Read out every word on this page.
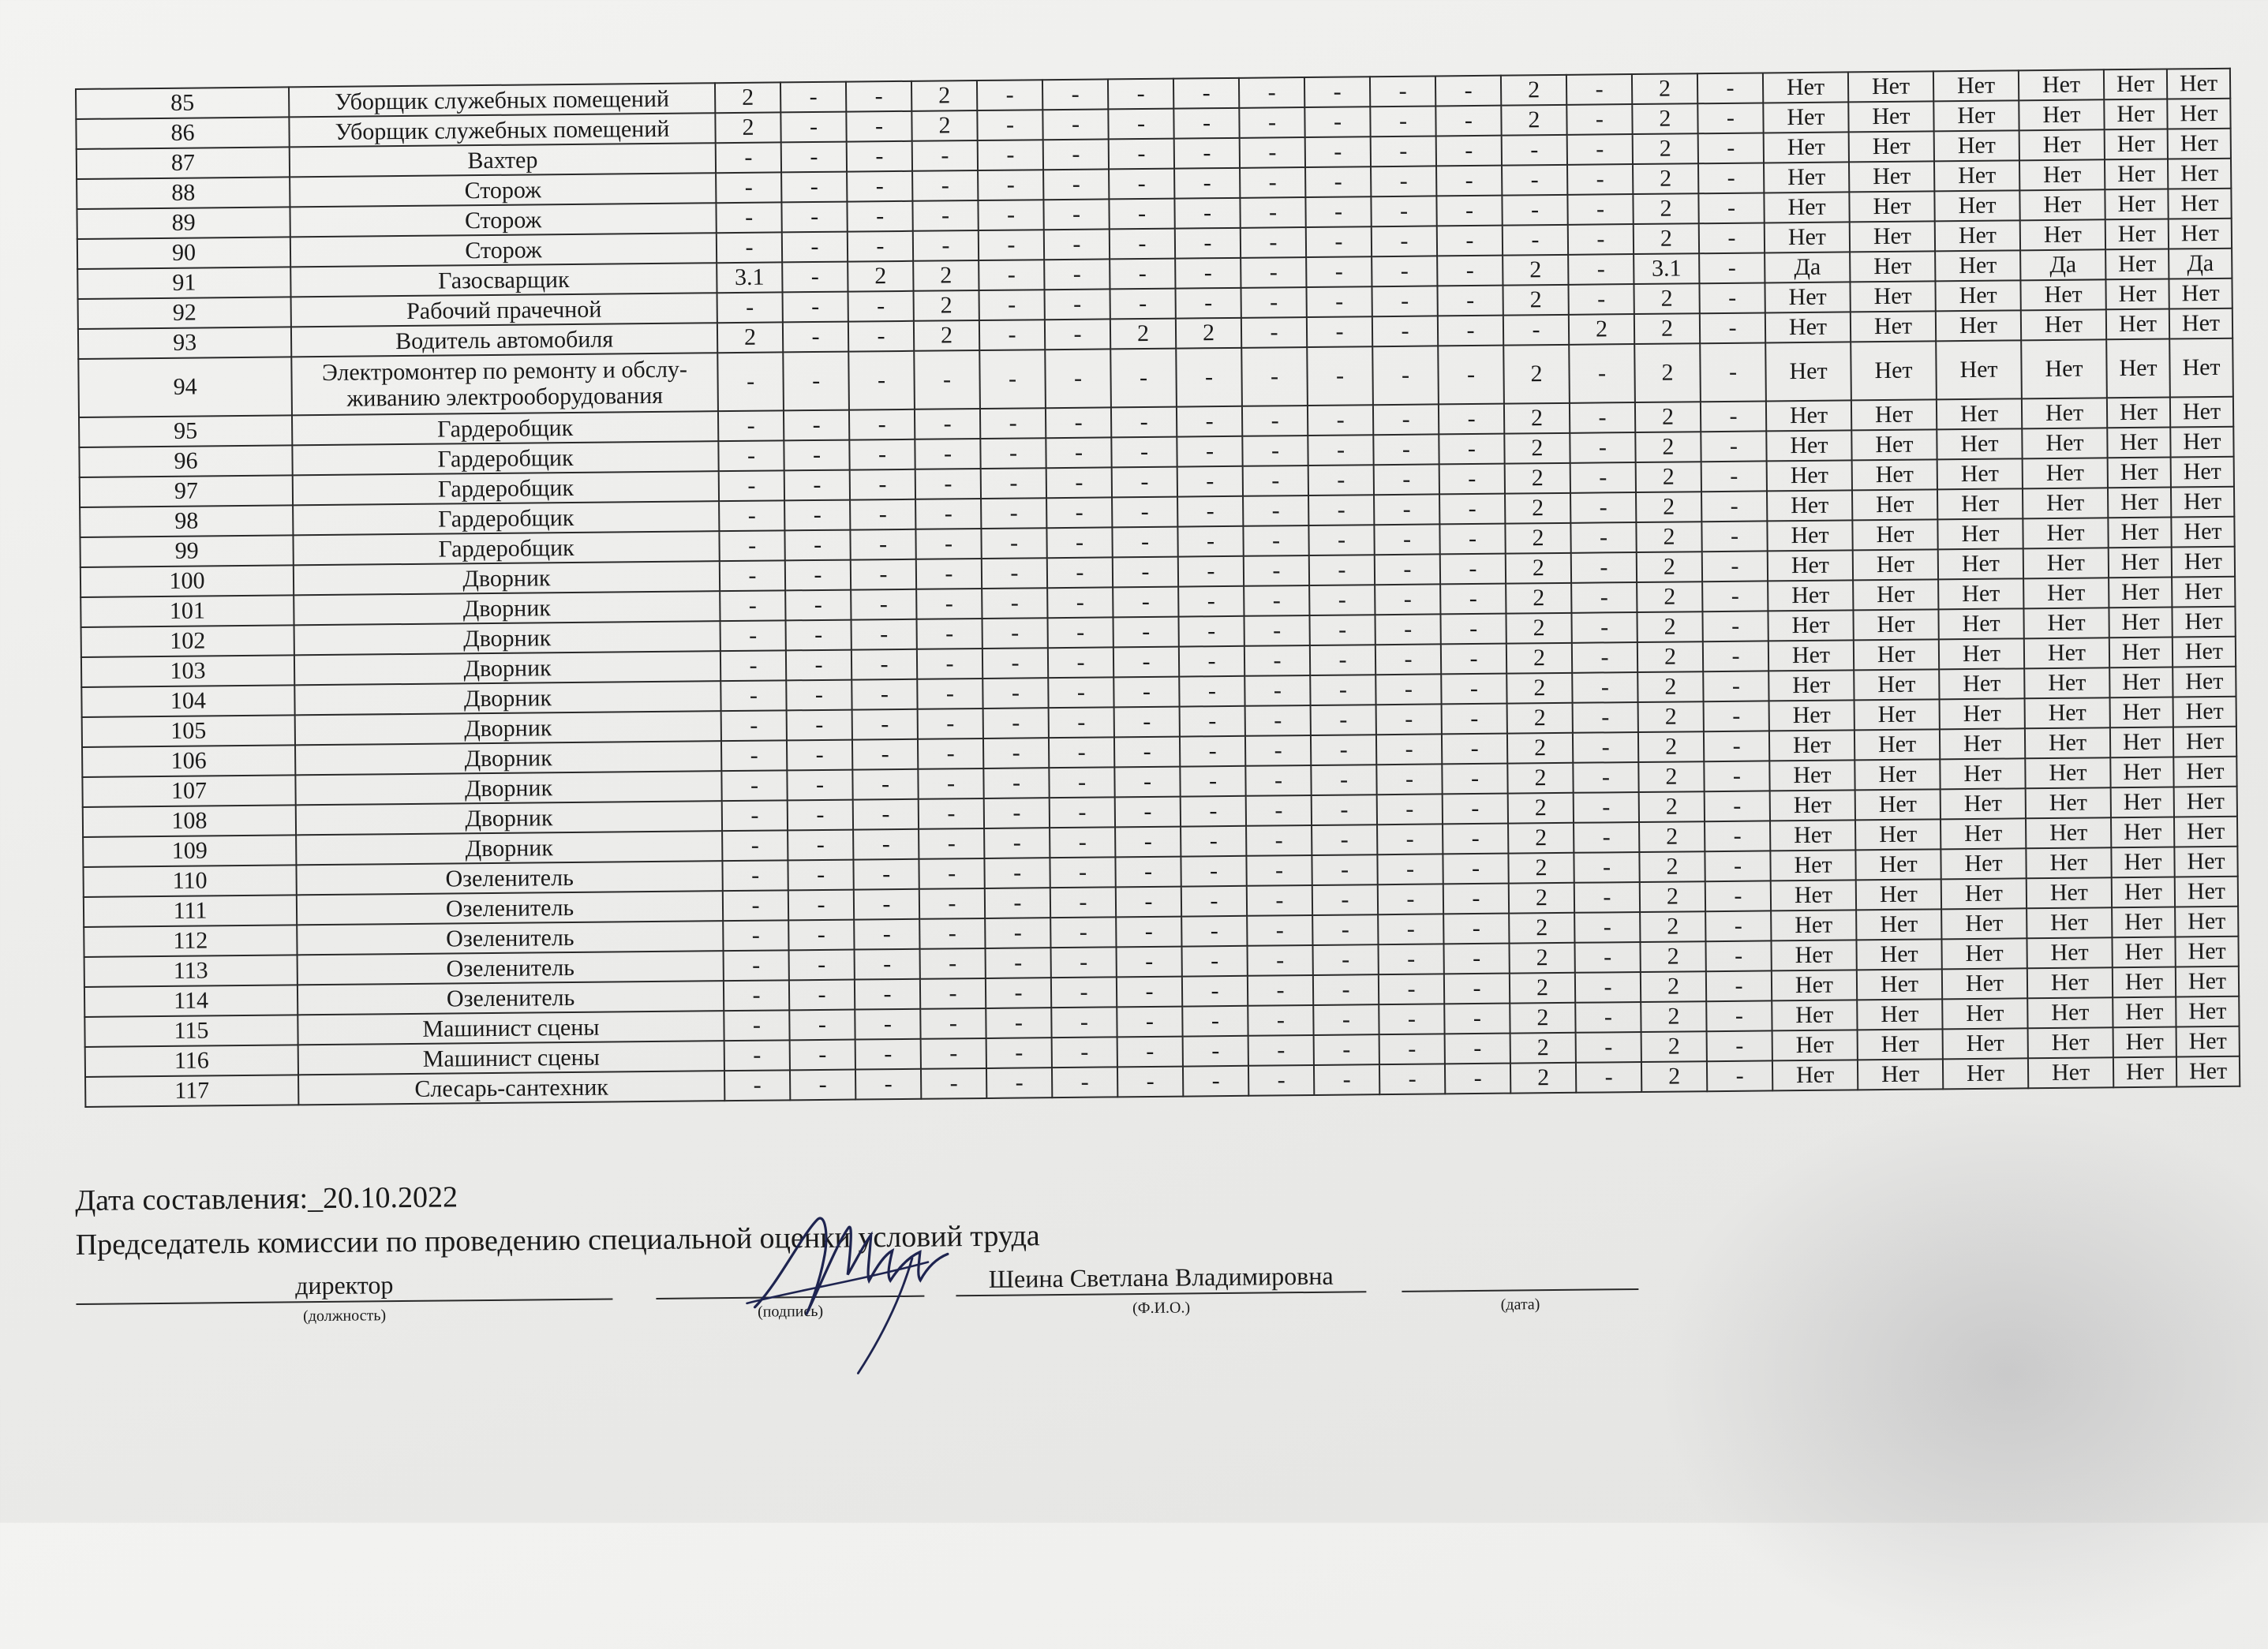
85	Уборщик служебных помещений	2	-	-	2	-	-	-	-	-	-	-	-	2	-	2	-	Нет	Нет	Нет	Нет	Нет	Нет
86	Уборщик служебных помещений	2	-	-	2	-	-	-	-	-	-	-	-	2	-	2	-	Нет	Нет	Нет	Нет	Нет	Нет
87	Вахтер	-	-	-	-	-	-	-	-	-	-	-	-	-	-	2	-	Нет	Нет	Нет	Нет	Нет	Нет
88	Сторож	-	-	-	-	-	-	-	-	-	-	-	-	-	-	2	-	Нет	Нет	Нет	Нет	Нет	Нет
89	Сторож	-	-	-	-	-	-	-	-	-	-	-	-	-	-	2	-	Нет	Нет	Нет	Нет	Нет	Нет
90	Сторож	-	-	-	-	-	-	-	-	-	-	-	-	-	-	2	-	Нет	Нет	Нет	Нет	Нет	Нет
91	Газосварщик	3.1	-	2	2	-	-	-	-	-	-	-	-	2	-	3.1	-	Да	Нет	Нет	Да	Нет	Да
92	Рабочий прачечной	-	-	-	2	-	-	-	-	-	-	-	-	2	-	2	-	Нет	Нет	Нет	Нет	Нет	Нет
93	Водитель автомобиля	2	-	-	2	-	-	2	2	-	-	-	-	-	2	2	-	Нет	Нет	Нет	Нет	Нет	Нет
94	Электромонтер по ремонту и обслу-живанию электрооборудования	-	-	-	-	-	-	-	-	-	-	-	-	2	-	2	-	Нет	Нет	Нет	Нет	Нет	Нет
95	Гардеробщик	-	-	-	-	-	-	-	-	-	-	-	-	2	-	2	-	Нет	Нет	Нет	Нет	Нет	Нет
96	Гардеробщик	-	-	-	-	-	-	-	-	-	-	-	-	2	-	2	-	Нет	Нет	Нет	Нет	Нет	Нет
97	Гардеробщик	-	-	-	-	-	-	-	-	-	-	-	-	2	-	2	-	Нет	Нет	Нет	Нет	Нет	Нет
98	Гардеробщик	-	-	-	-	-	-	-	-	-	-	-	-	2	-	2	-	Нет	Нет	Нет	Нет	Нет	Нет
99	Гардеробщик	-	-	-	-	-	-	-	-	-	-	-	-	2	-	2	-	Нет	Нет	Нет	Нет	Нет	Нет
100	Дворник	-	-	-	-	-	-	-	-	-	-	-	-	2	-	2	-	Нет	Нет	Нет	Нет	Нет	Нет
101	Дворник	-	-	-	-	-	-	-	-	-	-	-	-	2	-	2	-	Нет	Нет	Нет	Нет	Нет	Нет
102	Дворник	-	-	-	-	-	-	-	-	-	-	-	-	2	-	2	-	Нет	Нет	Нет	Нет	Нет	Нет
103	Дворник	-	-	-	-	-	-	-	-	-	-	-	-	2	-	2	-	Нет	Нет	Нет	Нет	Нет	Нет
104	Дворник	-	-	-	-	-	-	-	-	-	-	-	-	2	-	2	-	Нет	Нет	Нет	Нет	Нет	Нет
105	Дворник	-	-	-	-	-	-	-	-	-	-	-	-	2	-	2	-	Нет	Нет	Нет	Нет	Нет	Нет
106	Дворник	-	-	-	-	-	-	-	-	-	-	-	-	2	-	2	-	Нет	Нет	Нет	Нет	Нет	Нет
107	Дворник	-	-	-	-	-	-	-	-	-	-	-	-	2	-	2	-	Нет	Нет	Нет	Нет	Нет	Нет
108	Дворник	-	-	-	-	-	-	-	-	-	-	-	-	2	-	2	-	Нет	Нет	Нет	Нет	Нет	Нет
109	Дворник	-	-	-	-	-	-	-	-	-	-	-	-	2	-	2	-	Нет	Нет	Нет	Нет	Нет	Нет
110	Озеленитель	-	-	-	-	-	-	-	-	-	-	-	-	2	-	2	-	Нет	Нет	Нет	Нет	Нет	Нет
111	Озеленитель	-	-	-	-	-	-	-	-	-	-	-	-	2	-	2	-	Нет	Нет	Нет	Нет	Нет	Нет
112	Озеленитель	-	-	-	-	-	-	-	-	-	-	-	-	2	-	2	-	Нет	Нет	Нет	Нет	Нет	Нет
113	Озеленитель	-	-	-	-	-	-	-	-	-	-	-	-	2	-	2	-	Нет	Нет	Нет	Нет	Нет	Нет
114	Озеленитель	-	-	-	-	-	-	-	-	-	-	-	-	2	-	2	-	Нет	Нет	Нет	Нет	Нет	Нет
115	Машинист сцены	-	-	-	-	-	-	-	-	-	-	-	-	2	-	2	-	Нет	Нет	Нет	Нет	Нет	Нет
116	Машинист сцены	-	-	-	-	-	-	-	-	-	-	-	-	2	-	2	-	Нет	Нет	Нет	Нет	Нет	Нет
117	Слесарь-сантехник	-	-	-	-	-	-	-	-	-	-	-	-	2	-	2	-	Нет	Нет	Нет	Нет	Нет	Нет
Дата составления:_20.10.2022
Председатель комиссии по проведению специальной оценки условий труда
директор
(должность)	(подпись)
Шеина Светлана Владимировна
(Ф.И.О.)	(дата)
